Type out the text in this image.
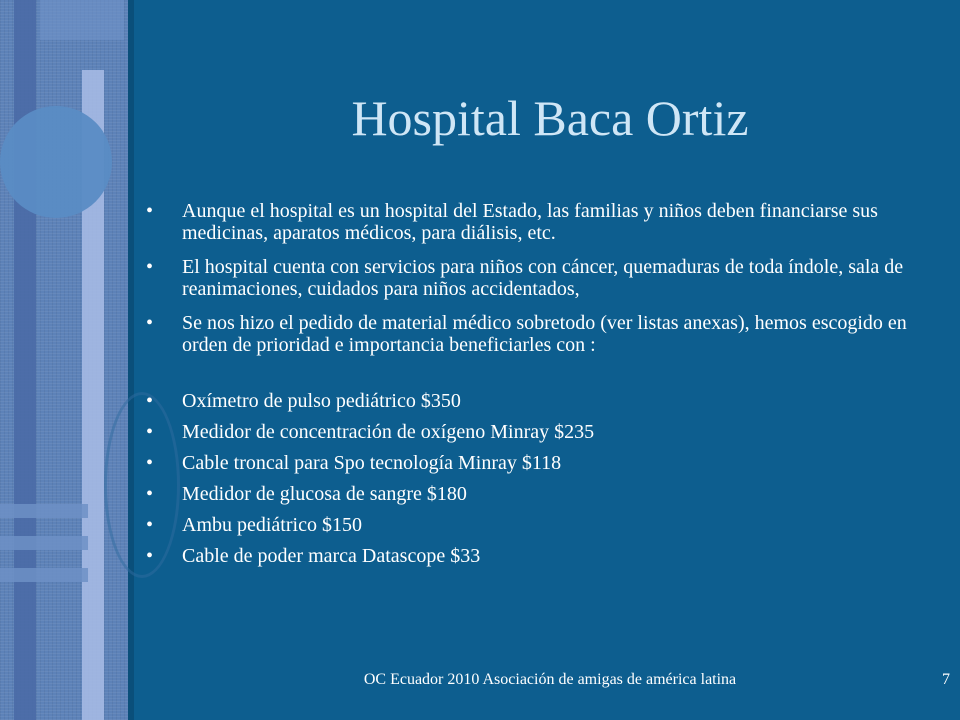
Hospital Baca Ortiz
•	Aunque el hospital es un hospital del Estado, las familias y niños deben financiarse sus medicinas, aparatos médicos, para diálisis, etc.
•	El hospital cuenta con servicios para niños con cáncer, quemaduras de toda índole, sala de reanimaciones, cuidados para niños accidentados,
•	Se nos hizo el pedido de material médico sobretodo (ver listas anexas), hemos escogido en orden de prioridad e importancia beneficiarles con :
•	Oxímetro de pulso pediátrico $350
•	Medidor de concentración de oxígeno Minray $235
•	Cable troncal para Spo tecnología Minray $118
•	Medidor de glucosa de sangre $180
•	Ambu pediátrico $150
•	Cable de poder marca Datascope $33
OC Ecuador 2010 Asociación de amigas de américa latina	7
